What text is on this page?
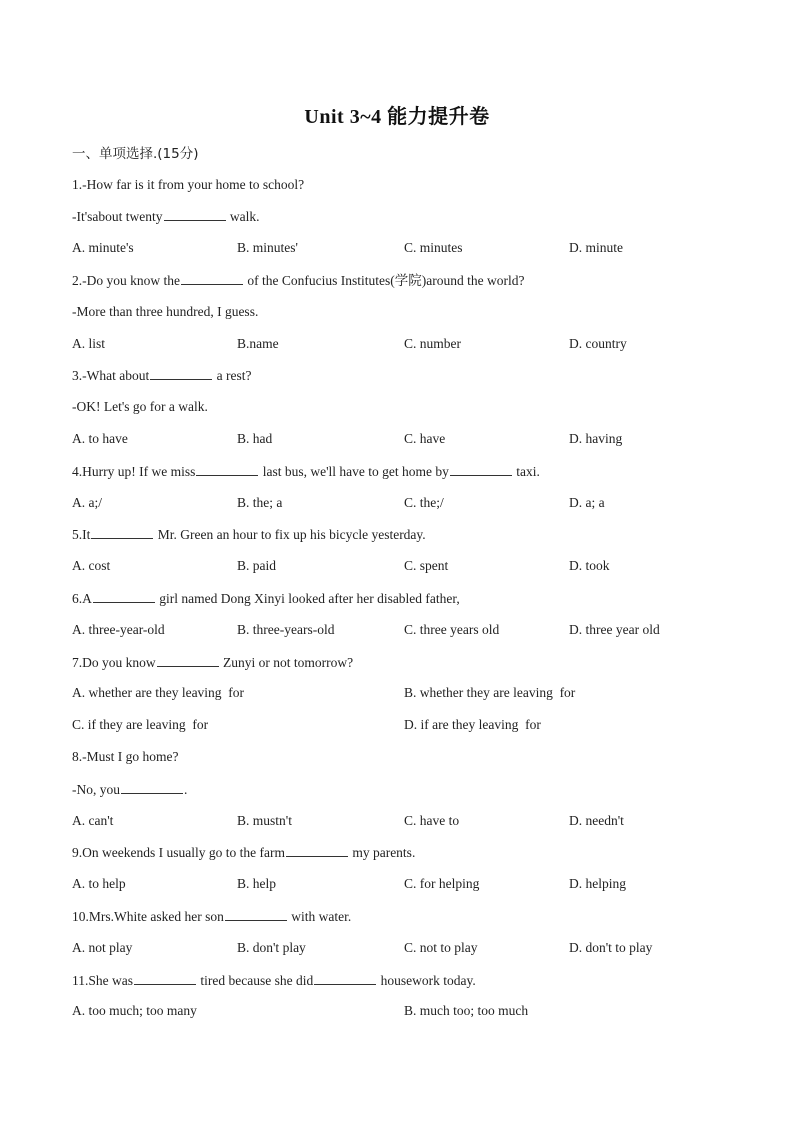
Unit 3~4 能力提升卷
一、单项选择.(15分)
1.-How far is it from your home to school?
-It'sabout twenty	walk.
A. minute's	B. minutes'	C. minutes	D. minute
2.-Do you know the	of the Confucius Institutes(学院)around the world?
-More than three hundred, I guess.
A. list	B.name	C. number	D. country
3.-What about	a rest?
-OK! Let's go for a walk.
A. to have	B. had	C. have	D. having
4.Hurry up! If we miss	last bus, we'll have to get home by	taxi.
A. a;/	B. the; a	C. the;/	D. a; a
5.It	Mr. Green an hour to fix up his bicycle yesterday.
A. cost	B. paid	C. spent	D. took
6.A	girl named Dong Xinyi looked after her disabled father,
A. three-year-old	B. three-years-old	C. three years old	D. three year old
7.Do you know	Zunyi or not tomorrow?
A. whether are they leaving  for	B. whether they are leaving  for
C. if they are leaving  for	D. if are they leaving  for
8.-Must I go home?
-No, you	.
A. can't	B. mustn't	C. have to	D. needn't
9.On weekends I usually go to the farm	my parents.
A. to help	B. help	C. for helping	D. helping
10.Mrs.White asked her son	with water.
A. not play	B. don't play	C. not to play	D. don't to play
11.She was	tired because she did	housework today.
A. too much; too many	B. much too; too much
